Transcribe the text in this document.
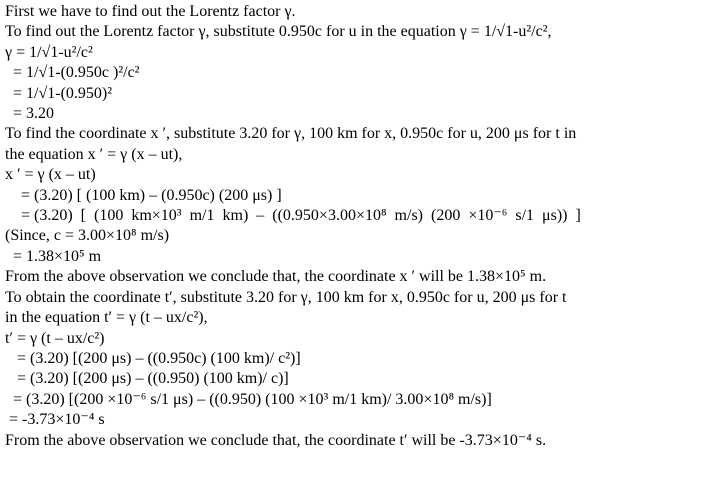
First we have to find out the Lorentz factor γ.
To find out the Lorentz factor γ, substitute 0.950c for u in the equation γ = 1/√1-u²/c²,
γ = 1/√1-u²/c²
= 1/√1-(0.950c )²/c²
= 1/√1-(0.950)²
= 3.20
To find the coordinate x ′, substitute 3.20 for γ, 100 km for x, 0.950c for u, 200 μs for t in
the equation x ′ = γ (x – ut),
x ′ = γ (x – ut)
= (3.20) [ (100 km) – (0.950c) (200 μs) ]
= (3.20)  [  (100  km×10³  m/1  km)  –  ((0.950×3.00×10⁸  m/s)  (200  ×10⁻⁶  s/1  μs))  ]
(Since, c = 3.00×10⁸ m/s)
= 1.38×10⁵ m
From the above observation we conclude that, the coordinate x ′ will be 1.38×10⁵ m.
To obtain the coordinate t′, substitute 3.20 for γ, 100 km for x, 0.950c for u, 200 μs for t
in the equation t′ = γ (t – ux/c²),
t′ = γ (t – ux/c²)
= (3.20) [(200 μs) – ((0.950c) (100 km)/ c²)]
= (3.20) [(200 μs) – ((0.950) (100 km)/ c)]
= (3.20) [(200 ×10⁻⁶ s/1 μs) – ((0.950) (100 ×10³ m/1 km)/ 3.00×10⁸ m/s)]
= -3.73×10⁻⁴ s
From the above observation we conclude that, the coordinate t′ will be -3.73×10⁻⁴ s.
